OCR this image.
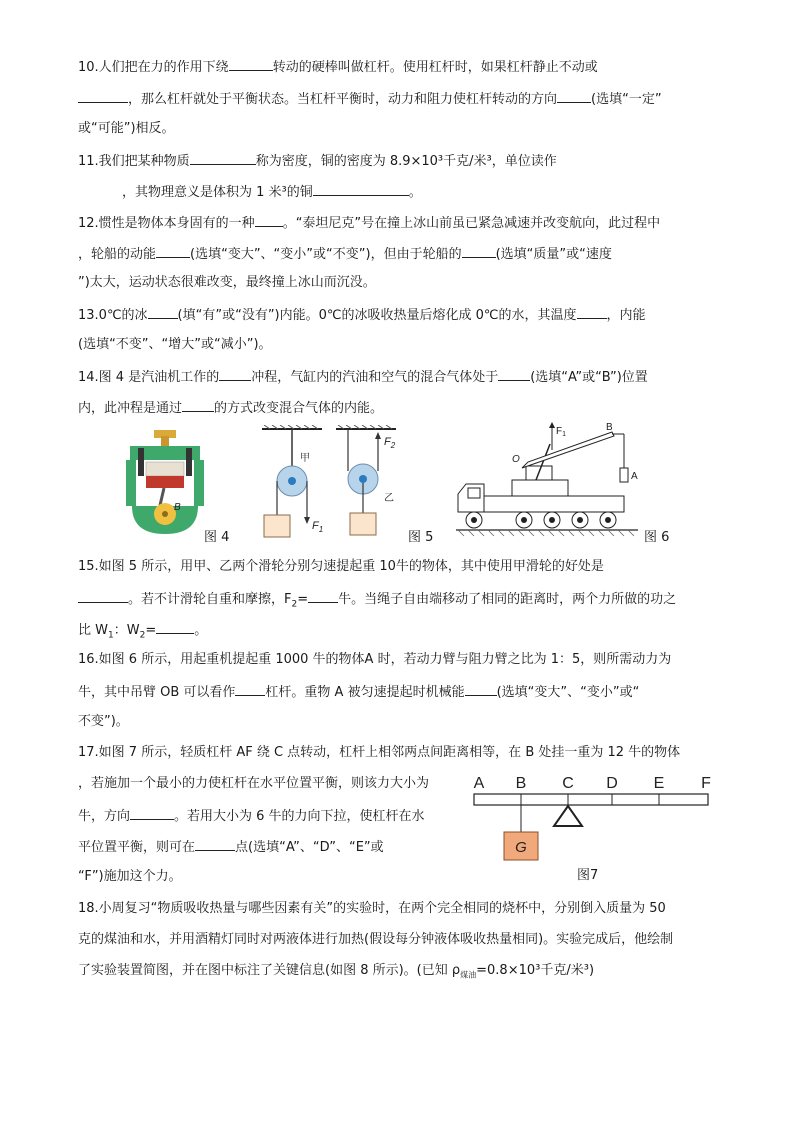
10.人们把在力的作用下绕	转动的硬棒叫做杠杆。使用杠杆时，如果杠杆静止不动或
，那么杠杆就处于平衡状态。当杠杆平衡时，动力和阻力使杠杆转动的方向	(选填“一定”
或“可能”)相反。
11.我们把某种物质	称为密度，铜的密度为 8.9×10³千克/米³，单位读作
，其物理意义是体积为 1 米³的铜	。
12.惯性是物体本身固有的一种 。“泰坦尼克”号在撞上冰山前虽已紧急减速并改变航向，此过程中
，轮船的动能	(选填“变大”、“变小”或“不变”)，但由于轮船的	(选填“质量”或“速度
”)太大，运动状态很难改变，最终撞上冰山而沉没。
13.0℃的冰 (填“有”或“没有”)内能。0℃的冰吸收热量后熔化成 0℃的水，其温度 ，内能
(选填“不变”、“增大”或“减小”)。
14.图 4 是汽油机工作的 冲程，气缸内的汽油和空气的混合气体处于 (选填“A”或“B”)位置
内，此冲程是通过 的方式改变混合气体的内能。
B
图 4
甲
$F_1$
$F_2$
乙
图 5
$F_1$
B
A
O
图 6
15.如图 5 所示，用甲、乙两个滑轮分别匀速提起重 10牛的物体，其中使用甲滑轮的好处是
。若不计滑轮自重和摩擦，$F_2=$ 牛。当绳子自由端移动了相同的距离时，两个力所做的功之
比 $W_1$：$W_2=$	。
16.如图 6 所示，用起重机提起重 1000 牛的物体A 时，若动力臂与阻力臂之比为 1：5，则所需动力为
牛，其中吊臂 OB 可以看作 杠杆。重物 A 被匀速提起时机械能 (选填“变大”、“变小”或“
不变”)。
17.如图 7 所示，轻质杠杆 AF 绕 C 点转动，杠杆上相邻两点间距离相等，在 B 处挂一重为 12 牛的物体
，若施加一个最小的力使杠杆在水平位置平衡，则该力大小为
牛，方向	。若用大小为 6 牛的力向下拉，使杠杆在水
平位置平衡，则可在	点(选填“A”、“D”、“E”或
“F”)施加这个力。
A B C D E F
G
图7
18.小周复习“物质吸收热量与哪些因素有关”的实验时，在两个完全相同的烧杯中，分别倒入质量为 50
克的煤油和水，并用酒精灯同时对两液体进行加热(假设每分钟液体吸收热量相同)。实验完成后，他绘制
了实验装置简图，并在图中标注了关键信息(如图 8 所示)。(已知 $\rho_{煤油}=0.8\times 10^3$千克/米³)
